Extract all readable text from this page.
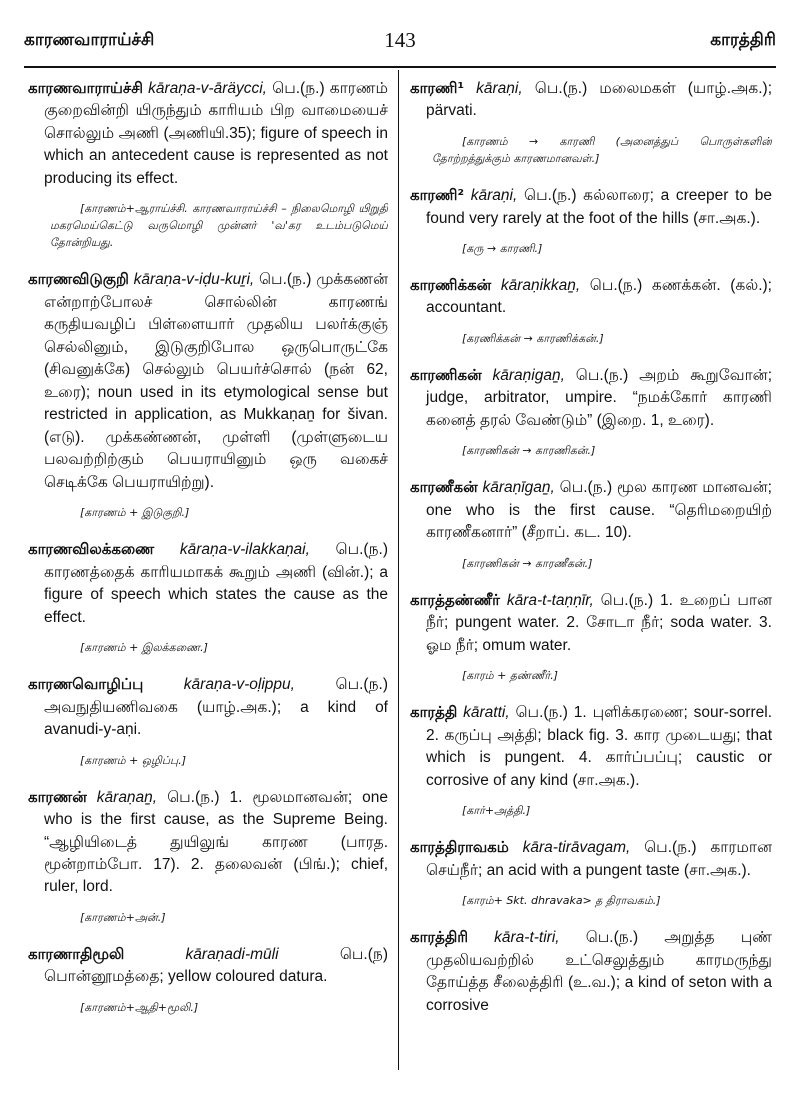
காரணவாராய்ச்சி	143	காரத்திரி

காரணவாராய்ச்சி kāraṇa-v-āräycci, பெ.(ந.) காரணம் குறைவின்றி யிருந்தும் காரியம் பிற வாமையைச் சொல்லும் அணி (அணியி.35); figure of speech in which an antecedent cause is represented as not producing its effect.

[காரணம்+ஆராய்ச்சி. காரணவாராய்ச்சி – நிலைமொழி யிறுதி மகரமெய்கெட்டு வருமொழி முன்னர் 'வ'கர உடம்படுமெய் தோன்றியது.

காரணவிடுகுறி kāraṇa-v-iḍu-kuṟi, பெ.(ந.) முக்கணன் என்றாற்போலச் சொல்லின் காரணங் கருதியவழிப் பிள்ளையார் முதலிய பலர்க்குஞ் செல்லினும், இடுகுறிபோல ஒருபொருட்கே (சிவனுக்கே) செல்லும் பெயர்ச்சொல் (நன் 62, உரை); noun used in its etymological sense but restricted in application, as Mukkaṇaṉ for šivan. (எடு). முக்கண்ணன், முள்ளி (முள்ளுடைய பலவற்றிற்கும் பெயராயினும் ஒரு வகைச் செடிக்கே பெயராயிற்று).

[காரணம் + இடுகுறி.]

காரணவிலக்கணை kāraṇa-v-ilakkaṇai, பெ.(ந.) காரணத்தைக் காரியமாகக் கூறும் அணி (வின்.); a figure of speech which states the cause as the effect.

[காரணம் + இலக்கணை.]

காரணவொழிப்பு	kāraṇa-v-oḷippu,	பெ.(ந.) அவநுதியணிவகை (யாழ்.அக.); a kind of avanudi-y-aṇi.

[காரணம் + ஒழிப்பு.]

காரணன் kāraṇaṉ, பெ.(ந.) 1. மூலமானவன்; one who is the first cause, as the Supreme Being. “ஆழியிடைத் துயிலுங் காரண (பாரத. மூன்றாம்போ. 17). 2. தலைவன் (பிங்.); chief, ruler, lord.

[காரணம்+அன்.]

காரணாதிமூலி	kāraṇadi-mūli	பெ.(ந) பொன்னூமத்தை; yellow coloured datura.

[காரணம்+ஆதி+மூலி.]

காரணி¹ kāraṇi, பெ.(ந.) மலைமகள் (யாழ்.அக.); pärvati.

[காரணம் → காரணி (அனைத்துப் பொருள்களின் தோற்றத்துக்கும் காரணமானவள்.]

காரணி² kāraṇi, பெ.(ந.) கல்லாரை; a creeper to be found very rarely at the foot of the hills (சா.அக.).

[கரு → காரணி.]

காரணிக்கன் kāraṇikkaṉ, பெ.(ந.) கணக்கன். (கல்.); accountant.

[கரணிக்கன் → காரணிக்கன்.]

காரணிகன் kāraṇigaṉ, பெ.(ந.) அறம் கூறுவோன்; judge, arbitrator, umpire. “நமக்கோர் காரணி கனைத் தரல் வேண்டும்” (இறை. 1, உரை).

[காரணிகன் → காரணிகன்.]

காரணீகன் kāraṇīgaṉ, பெ.(ந.) மூல காரண மானவன்; one who is the first cause. “தெரிமறையிற் காரணீகனார்” (சீறாப். கட. 10).

[காரணிகன் → காரணீகன்.]

காரத்தண்ணீர் kāra-t-taṇṇīr, பெ.(ந.) 1. உறைப் பான நீர்; pungent water. 2. சோடா நீர்; soda water. 3. ஓம நீர்; omum water.

[காரம் + தண்ணீர்.]

காரத்தி kāratti, பெ.(ந.) 1. புளிக்கரணை; sour-sorrel. 2. கருப்பு அத்தி; black fig. 3. கார முடையது; that which is pungent. 4. கார்ப்பப்பு; caustic or corrosive of any kind (சா.அக.).

[கார்+அத்தி.]

காரத்திராவகம் kāra-tirāvagam, பெ.(ந.) காரமான செய்நீர்; an acid with a pungent taste (சா.அக.).

[காரம்+ Skt. dhravaka> த திராவகம்.]

காரத்திரி kāra-t-tiri, பெ.(ந.) அறுத்த புண் முதலியவற்றில் உட்செலுத்தும் காரமருந்து தோய்த்த சீலைத்திரி (உ.வ.); a kind of seton with a corrosive
